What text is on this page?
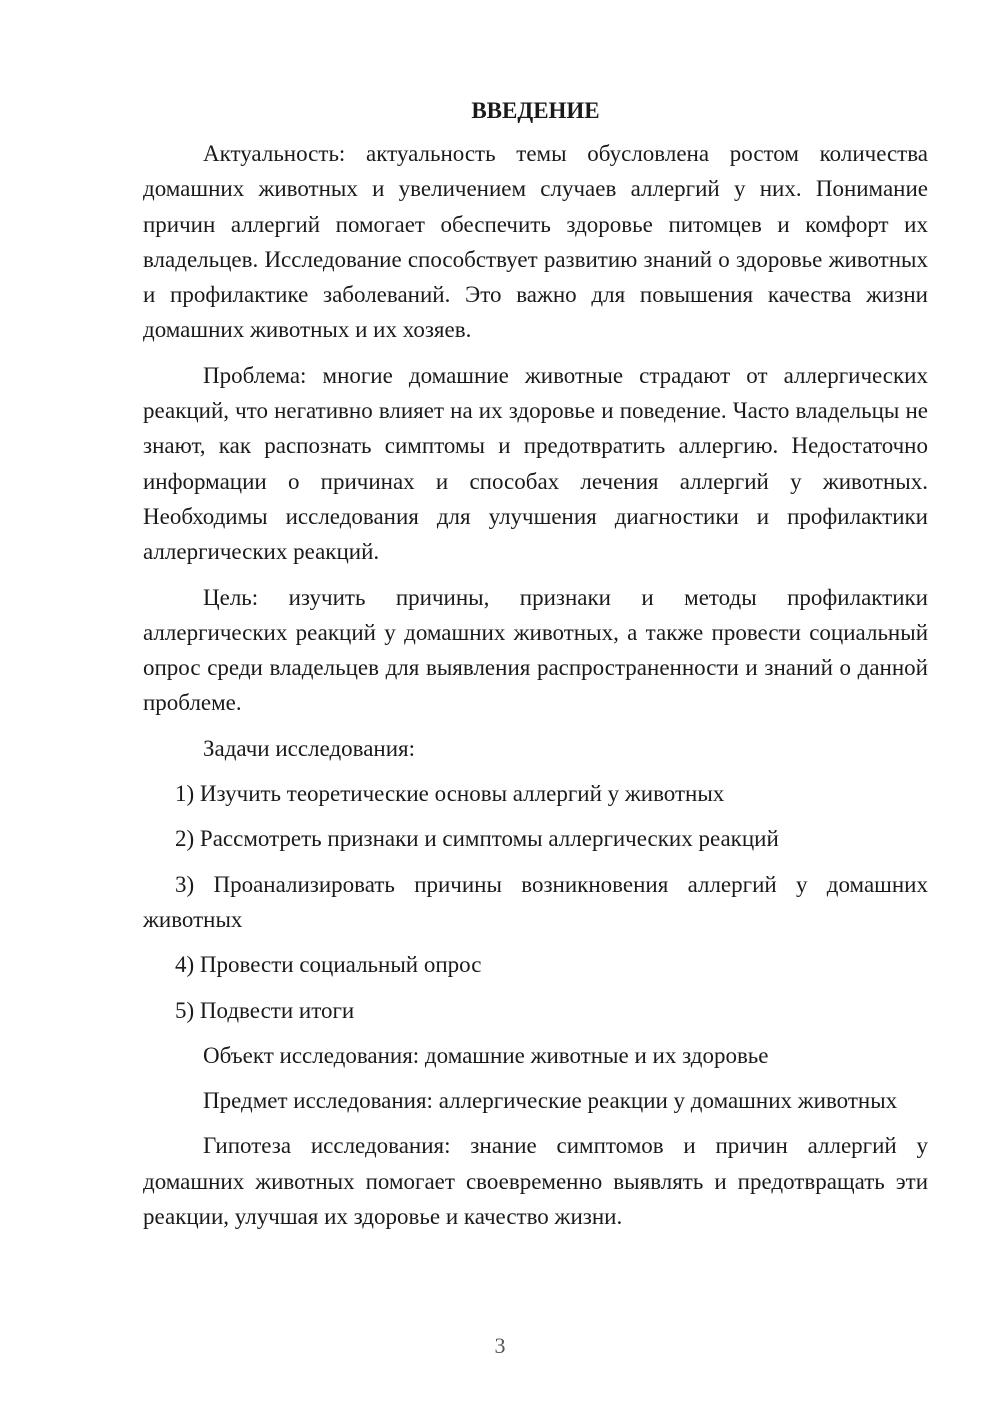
ВВЕДЕНИЕ
Актуальность: актуальность темы обусловлена ростом количества домашних животных и увеличением случаев аллергий у них. Понимание причин аллергий помогает обеспечить здоровье питомцев и комфорт их владельцев. Исследование способствует развитию знаний о здоровье животных и профилактике заболеваний. Это важно для повышения качества жизни домашних животных и их хозяев.
Проблема: многие домашние животные страдают от аллергических реакций, что негативно влияет на их здоровье и поведение. Часто владельцы не знают, как распознать симптомы и предотвратить аллергию. Недостаточно информации о причинах и способах лечения аллергий у животных. Необходимы исследования для улучшения диагностики и профилактики аллергических реакций.
Цель: изучить причины, признаки и методы профилактики аллергических реакций у домашних животных, а также провести социальный опрос среди владельцев для выявления распространенности и знаний о данной проблеме.
Задачи исследования:
1) Изучить теоретические основы аллергий у животных
2) Рассмотреть признаки и симптомы аллергических реакций
3) Проанализировать причины возникновения аллергий у домашних животных
4) Провести социальный опрос
5) Подвести итоги
Объект исследования: домашние животные и их здоровье
Предмет исследования: аллергические реакции у домашних животных
Гипотеза исследования: знание симптомов и причин аллергий у домашних животных помогает своевременно выявлять и предотвращать эти реакции, улучшая их здоровье и качество жизни.
3
